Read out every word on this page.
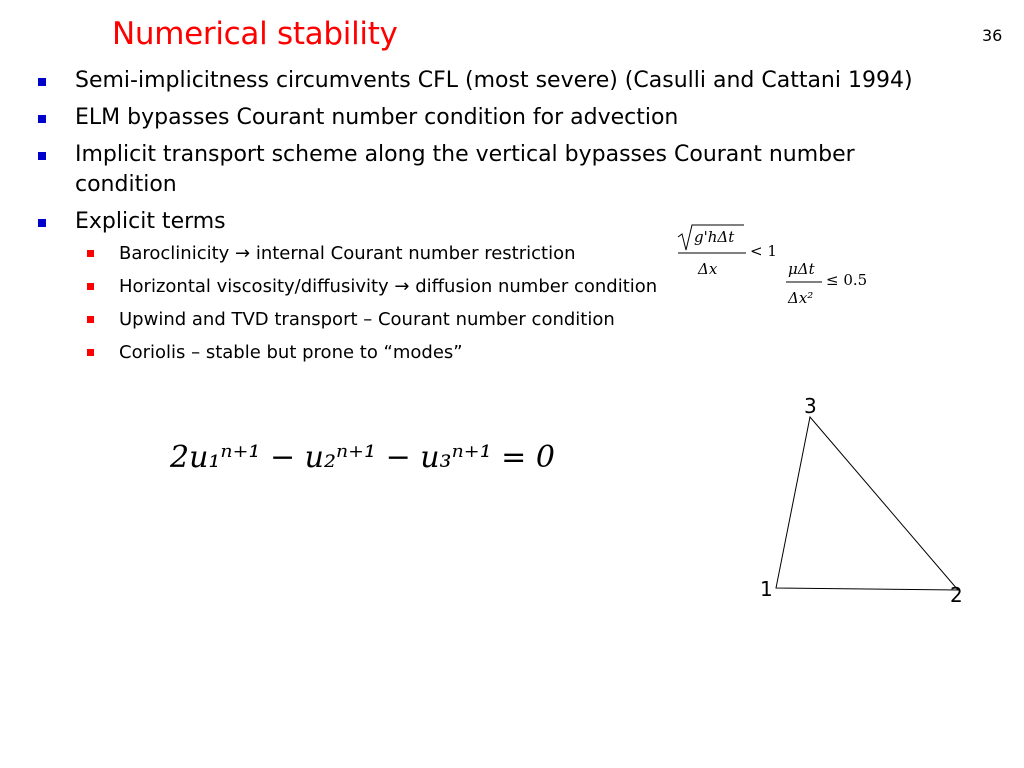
Numerical stability	36
Semi-implicitness circumvents CFL (most severe) (Casulli and Cattani 1994)
ELM bypasses Courant number condition for advection
Implicit transport scheme along the vertical bypasses Courant number condition
Explicit terms
Baroclinicity → internal Courant number restriction
Horizontal viscosity/diffusivity → diffusion number condition
Upwind and TVD transport – Courant number condition
Coriolis – stable but prone to “modes”
g'hΔt
Δx
< 1
μΔt
Δx²
≤ 0.5
2u₁ⁿ⁺¹ − u₂ⁿ⁺¹ − u₃ⁿ⁺¹ = 0
3
1	2
